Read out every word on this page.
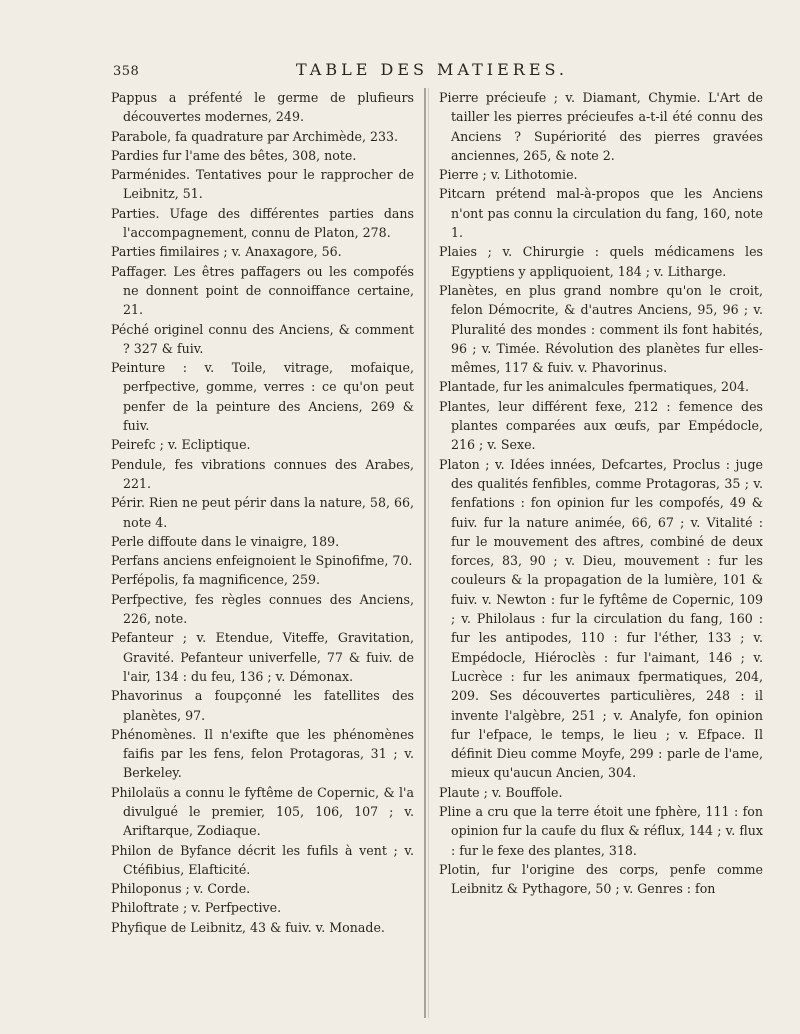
358	TABLE DES MATIERES.

Pappus a préfenté le germe de plufieurs découvertes modernes, 249.

Parabole, fa quadrature par Archimède, 233.

Pardies fur l'ame des bêtes, 308, note.

Parménides. Tentatives pour le rapprocher de Leibnitz, 51.

Parties. Ufage des différentes parties dans l'accompagnement, connu de Platon, 278.

Parties fimilaires ; v. Anaxagore, 56.

Paffager. Les êtres paffagers ou les compofés ne donnent point de connoiffance certaine, 21.

Péché originel connu des Anciens, & comment ? 327 & fuiv.

Peinture : v. Toile, vitrage, mofaique, perfpective, gomme, verres : ce qu'on peut penfer de la peinture des Anciens, 269 & fuiv.

Peirefc ; v. Ecliptique.

Pendule, fes vibrations connues des Arabes, 221.

Périr. Rien ne peut périr dans la nature, 58, 66, note 4.

Perle diffoute dans le vinaigre, 189.

Perfans anciens enfeignoient le Spinofifme, 70.

Perfépolis, fa magnificence, 259.

Perfpective, fes règles connues des Anciens, 226, note.

Pefanteur ; v. Etendue, Viteffe, Gravitation, Gravité. Pefanteur univerfelle, 77 & fuiv. de l'air, 134 : du feu, 136 ; v. Démonax.

Phavorinus a foupçonné les fatellites des planètes, 97.

Phénomènes. Il n'exifte que les phénomènes faifis par les fens, felon Protagoras, 31 ; v. Berkeley.

Philolaüs a connu le fyftême de Copernic, & l'a divulgué le premier, 105, 106, 107 ; v. Ariftarque, Zodiaque.

Philon de Byfance décrit les fufils à vent ; v. Ctéfibius, Elafticité.

Philoponus ; v. Corde.

Philoftrate ; v. Perfpective.

Phyfique de Leibnitz, 43 & fuiv. v. Monade.

Pierre précieufe ; v. Diamant, Chymie. L'Art de tailler les pierres précieufes a-t-il été connu des Anciens ? Supériorité des pierres gravées anciennes, 265, & note 2.

Pierre ; v. Lithotomie.

Pitcarn prétend mal-à-propos que les Anciens n'ont pas connu la circulation du fang, 160, note 1.

Plaies ; v. Chirurgie : quels médicamens les Egyptiens y appliquoient, 184 ; v. Litharge.

Planètes, en plus grand nombre qu'on le croit, felon Démocrite, & d'autres Anciens, 95, 96 ; v. Pluralité des mondes : comment ils font habités, 96 ; v. Timée. Révolution des planètes fur elles-mêmes, 117 & fuiv. v. Phavorinus.

Plantade, fur les animalcules fpermatiques, 204.

Plantes, leur différent fexe, 212 : femence des plantes comparées aux œufs, par Empédocle, 216 ; v. Sexe.

Platon ; v. Idées innées, Defcartes, Proclus : juge des qualités fenfibles, comme Protagoras, 35 ; v. fenfations : fon opinion fur les compofés, 49 & fuiv. fur la nature animée, 66, 67 ; v. Vitalité : fur le mouvement des aftres, combiné de deux forces, 83, 90 ; v. Dieu, mouvement : fur les couleurs & la propagation de la lumière, 101 & fuiv. v. Newton : fur le fyftême de Copernic, 109 ; v. Philolaus : fur la circulation du fang, 160 : fur les antipodes, 110 : fur l'éther, 133 ; v. Empédocle, Hiéroclès : fur l'aimant, 146 ; v. Lucrèce : fur les animaux fpermatiques, 204, 209. Ses découvertes particulières, 248 : il invente l'algèbre, 251 ; v. Analyfe, fon opinion fur l'efpace, le temps, le lieu ; v. Efpace. Il définit Dieu comme Moyfe, 299 : parle de l'ame, mieux qu'aucun Ancien, 304.

Plaute ; v. Bouffole.

Pline a cru que la terre étoit une fphère, 111 : fon opinion fur la caufe du flux & réflux, 144 ; v. flux : fur le fexe des plantes, 318.

Plotin, fur l'origine des corps, penfe comme Leibnitz & Pythagore, 50 ; v. Genres : fon
